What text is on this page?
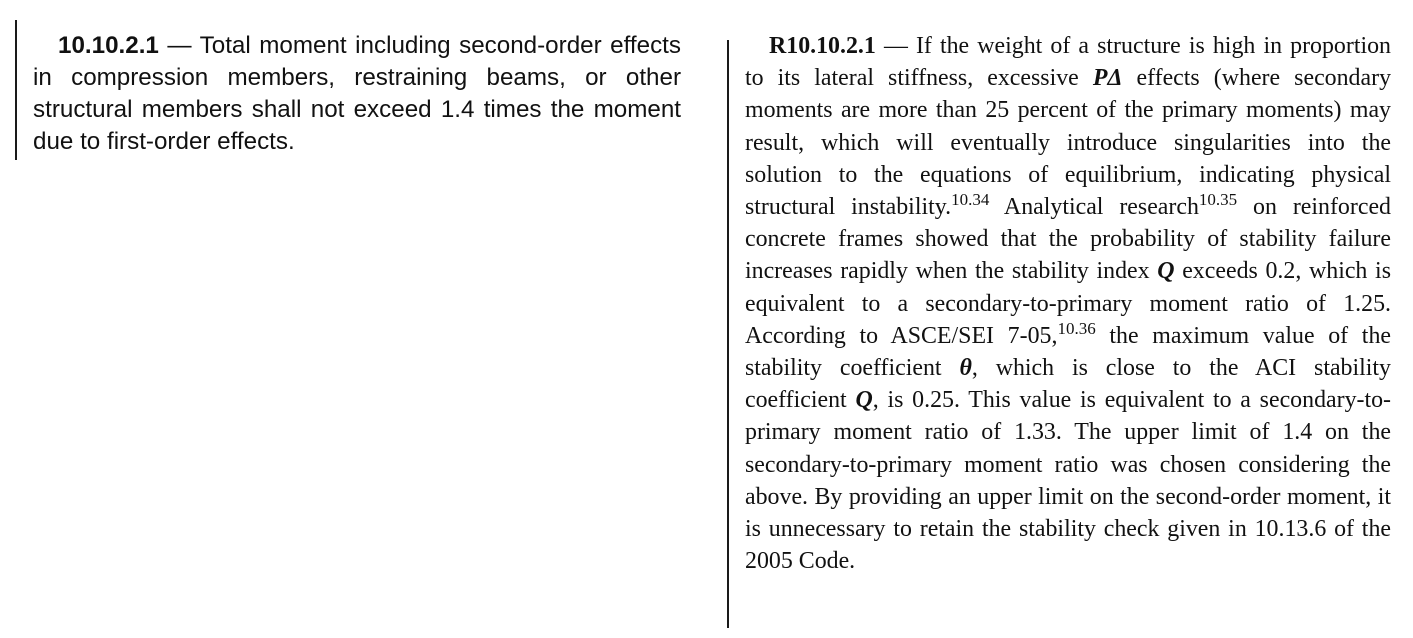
10.10.2.1 — Total moment including second-order effects in compression members, restraining beams, or other structural members shall not exceed 1.4 times the moment due to first-order effects.

R10.10.2.1 — If the weight of a structure is high in proportion to its lateral stiffness, excessive PΔ effects (where secondary moments are more than 25 percent of the primary moments) may result, which will eventually introduce singularities into the solution to the equations of equilibrium, indicating physical structural instability.$^{10.34}$ Analytical research$^{10.35}$ on reinforced concrete frames showed that the probability of stability failure increases rapidly when the stability index Q exceeds 0.2, which is equivalent to a secondary-to-primary moment ratio of 1.25. According to ASCE/SEI 7-05,$^{10.36}$ the maximum value of the stability coefficient θ, which is close to the ACI stability coefficient Q, is 0.25. This value is equivalent to a secondary-to-primary moment ratio of 1.33. The upper limit of 1.4 on the secondary-to-primary moment ratio was chosen considering the above. By providing an upper limit on the second-order moment, it is unnecessary to retain the stability check given in 10.13.6 of the 2005 Code.
